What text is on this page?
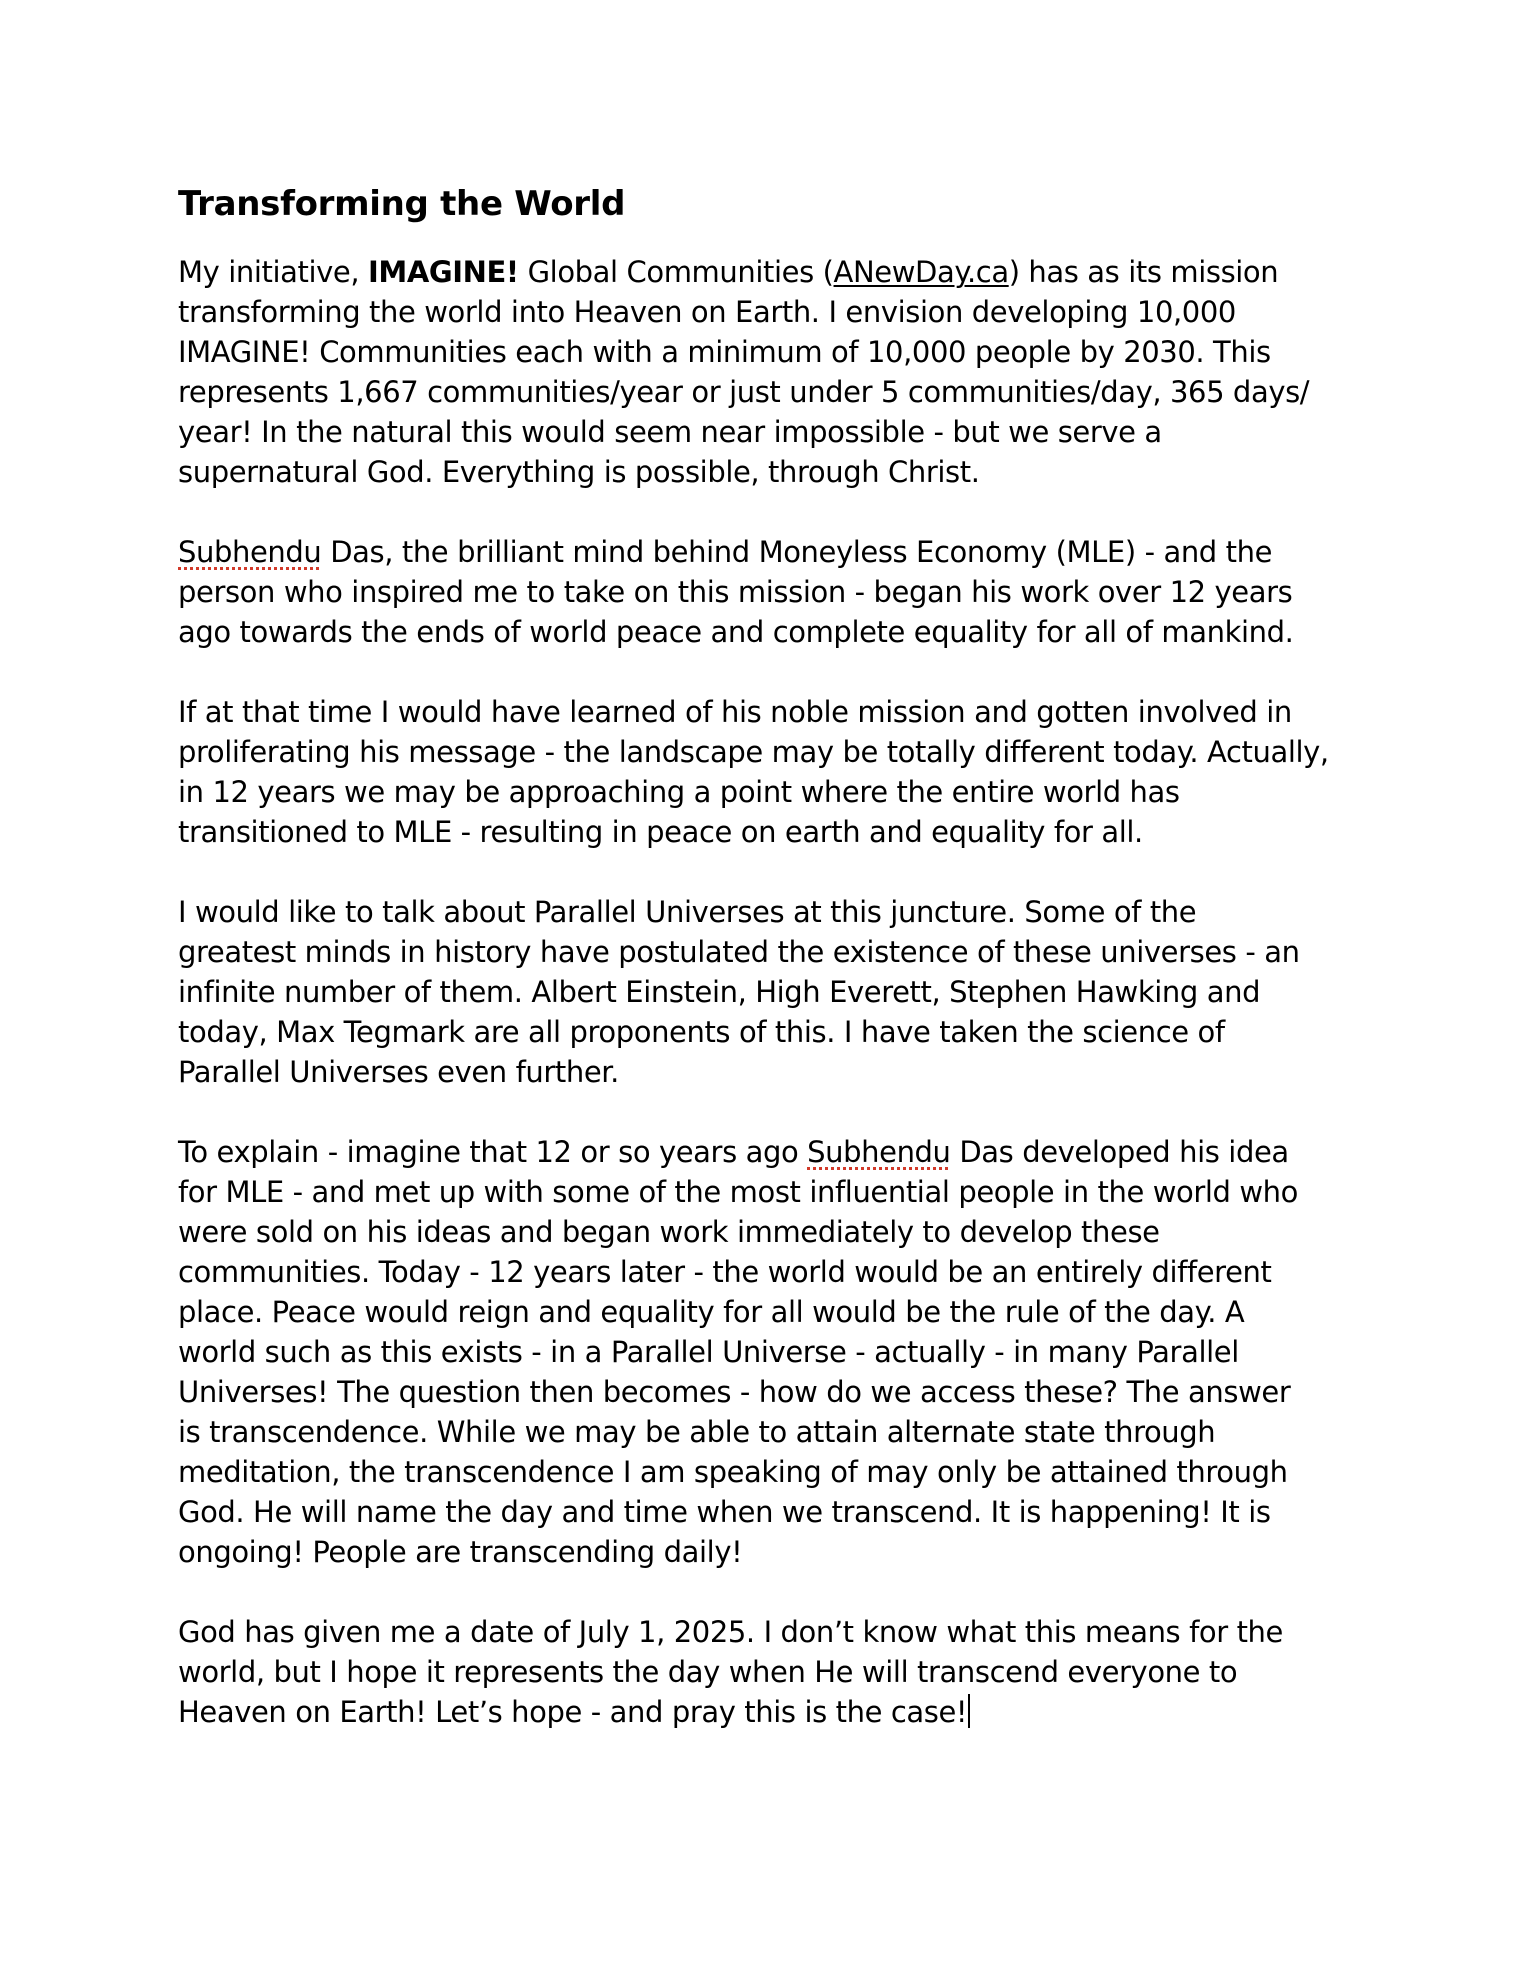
Transforming the World
My initiative, IMAGINE! Global Communities (ANewDay.ca) has as its mission
transforming the world into Heaven on Earth. I envision developing 10,000
IMAGINE! Communities each with a minimum of 10,000 people by 2030. This
represents 1,667 communities/year or just under 5 communities/day, 365 days/
year! In the natural this would seem near impossible - but we serve a
supernatural God. Everything is possible, through Christ.
Subhendu Das, the brilliant mind behind Moneyless Economy (MLE) - and the
person who inspired me to take on this mission - began his work over 12 years
ago towards the ends of world peace and complete equality for all of mankind.
If at that time I would have learned of his noble mission and gotten involved in
proliferating his message - the landscape may be totally different today. Actually,
in 12 years we may be approaching a point where the entire world has
transitioned to MLE - resulting in peace on earth and equality for all.
I would like to talk about Parallel Universes at this juncture. Some of the
greatest minds in history have postulated the existence of these universes - an
infinite number of them. Albert Einstein, High Everett, Stephen Hawking and
today, Max Tegmark are all proponents of this. I have taken the science of
Parallel Universes even further.
To explain - imagine that 12 or so years ago Subhendu Das developed his idea
for MLE - and met up with some of the most influential people in the world who
were sold on his ideas and began work immediately to develop these
communities. Today - 12 years later - the world would be an entirely different
place. Peace would reign and equality for all would be the rule of the day. A
world such as this exists - in a Parallel Universe - actually - in many Parallel
Universes! The question then becomes - how do we access these? The answer
is transcendence. While we may be able to attain alternate state through
meditation, the transcendence I am speaking of may only be attained through
God. He will name the day and time when we transcend. It is happening! It is
ongoing! People are transcending daily!
God has given me a date of July 1, 2025. I don’t know what this means for the
world, but I hope it represents the day when He will transcend everyone to
Heaven on Earth! Let’s hope - and pray this is the case!
